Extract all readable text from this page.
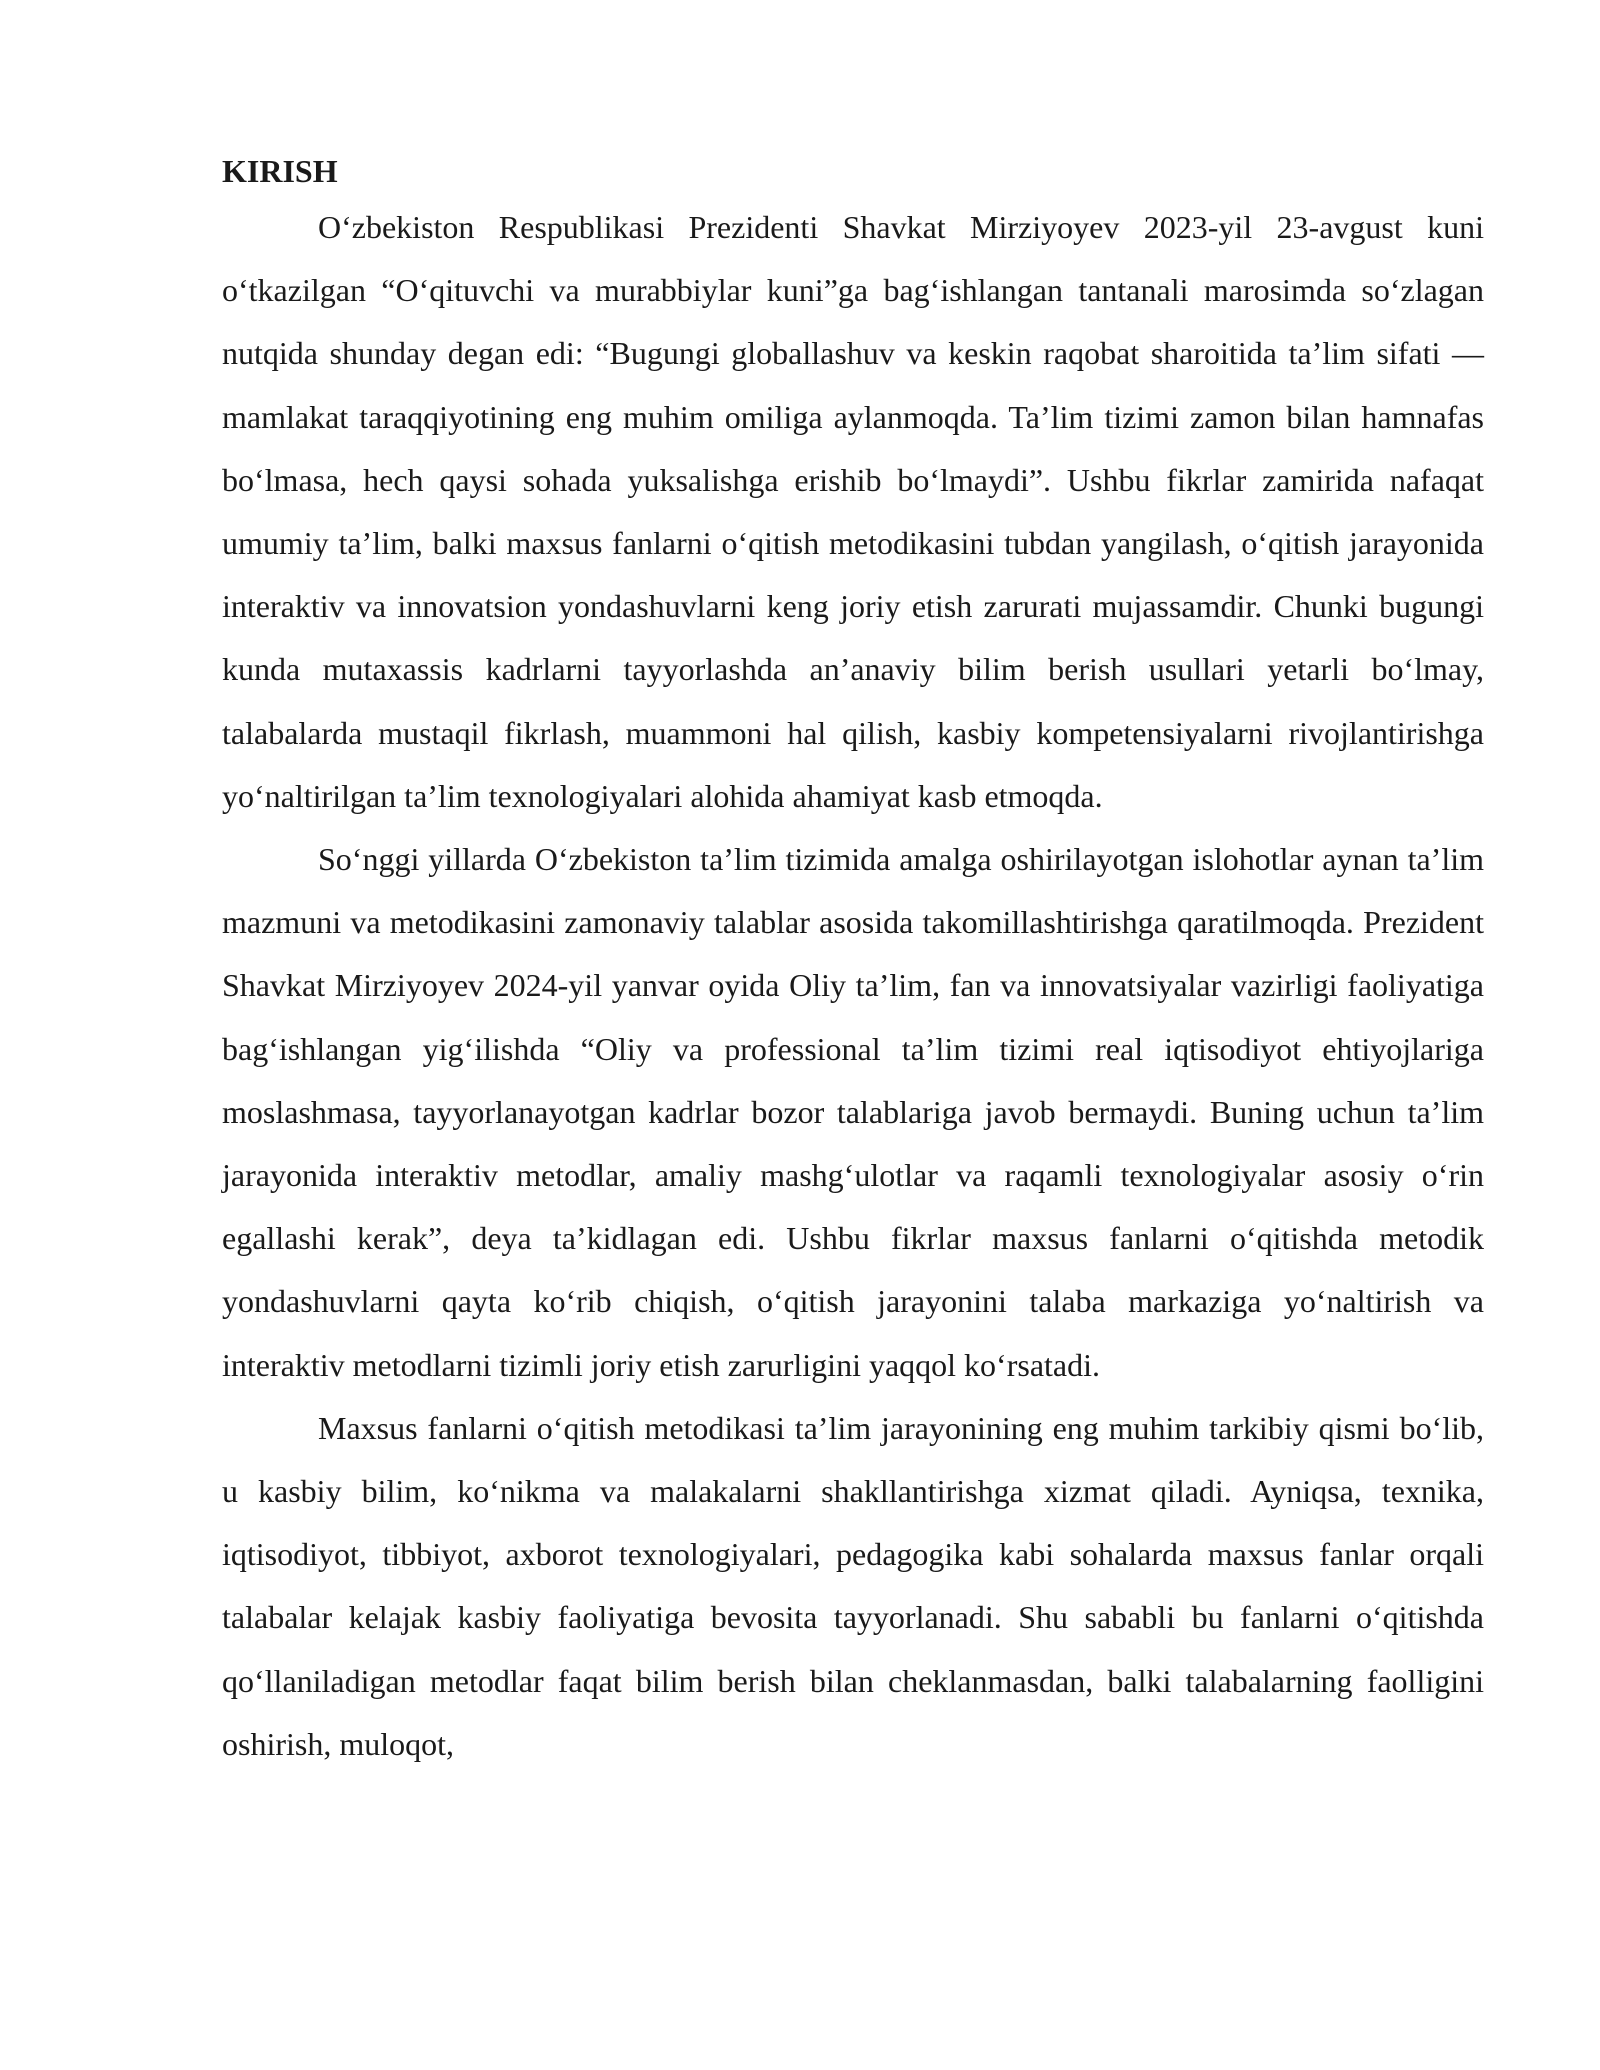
KIRISH

Oʻzbekiston Respublikasi Prezidenti Shavkat Mirziyoyev 2023-yil 23-avgust kuni oʻtkazilgan “Oʻqituvchi va murabbiylar kuni”ga bagʻishlangan tantanali marosimda soʻzlagan nutqida shunday degan edi: “Bugungi globallashuv va keskin raqobat sharoitida ta’lim sifati — mamlakat taraqqiyotining eng muhim omiliga aylanmoqda. Ta’lim tizimi zamon bilan hamnafas boʻlmasa, hech qaysi sohada yuksalishga erishib boʻlmaydi”. Ushbu fikrlar zamirida nafaqat umumiy ta’lim, balki maxsus fanlarni oʻqitish metodikasini tubdan yangilash, oʻqitish jarayonida interaktiv va innovatsion yondashuvlarni keng joriy etish zarurati mujassamdir. Chunki bugungi kunda mutaxassis kadrlarni tayyorlashda an’anaviy bilim berish usullari yetarli boʻlmay, talabalarda mustaqil fikrlash, muammoni hal qilish, kasbiy kompetensiyalarni rivojlantirishga yoʻnaltirilgan ta’lim texnologiyalari alohida ahamiyat kasb etmoqda.

Soʻnggi yillarda Oʻzbekiston ta’lim tizimida amalga oshirilayotgan islohotlar aynan ta’lim mazmuni va metodikasini zamonaviy talablar asosida takomillashtirishga qaratilmoqda. Prezident Shavkat Mirziyoyev 2024-yil yanvar oyida Oliy ta’lim, fan va innovatsiyalar vazirligi faoliyatiga bagʻishlangan yigʻilishda “Oliy va professional ta’lim tizimi real iqtisodiyot ehtiyojlariga moslashmasa, tayyorlanayotgan kadrlar bozor talablariga javob bermaydi. Buning uchun ta’lim jarayonida interaktiv metodlar, amaliy mashgʻulotlar va raqamli texnologiyalar asosiy oʻrin egallashi kerak”, deya ta’kidlagan edi. Ushbu fikrlar maxsus fanlarni oʻqitishda metodik yondashuvlarni qayta koʻrib chiqish, oʻqitish jarayonini talaba markaziga yoʻnaltirish va interaktiv metodlarni tizimli joriy etish zarurligini yaqqol koʻrsatadi.

Maxsus fanlarni oʻqitish metodikasi ta’lim jarayonining eng muhim tarkibiy qismi boʻlib, u kasbiy bilim, koʻnikma va malakalarni shakllantirishga xizmat qiladi. Ayniqsa, texnika, iqtisodiyot, tibbiyot, axborot texnologiyalari, pedagogika kabi sohalarda maxsus fanlar orqali talabalar kelajak kasbiy faoliyatiga bevosita tayyorlanadi. Shu sababli bu fanlarni oʻqitishda qoʻllaniladigan metodlar faqat bilim berish bilan cheklanmasdan, balki talabalarning faolligini oshirish, muloqot,
